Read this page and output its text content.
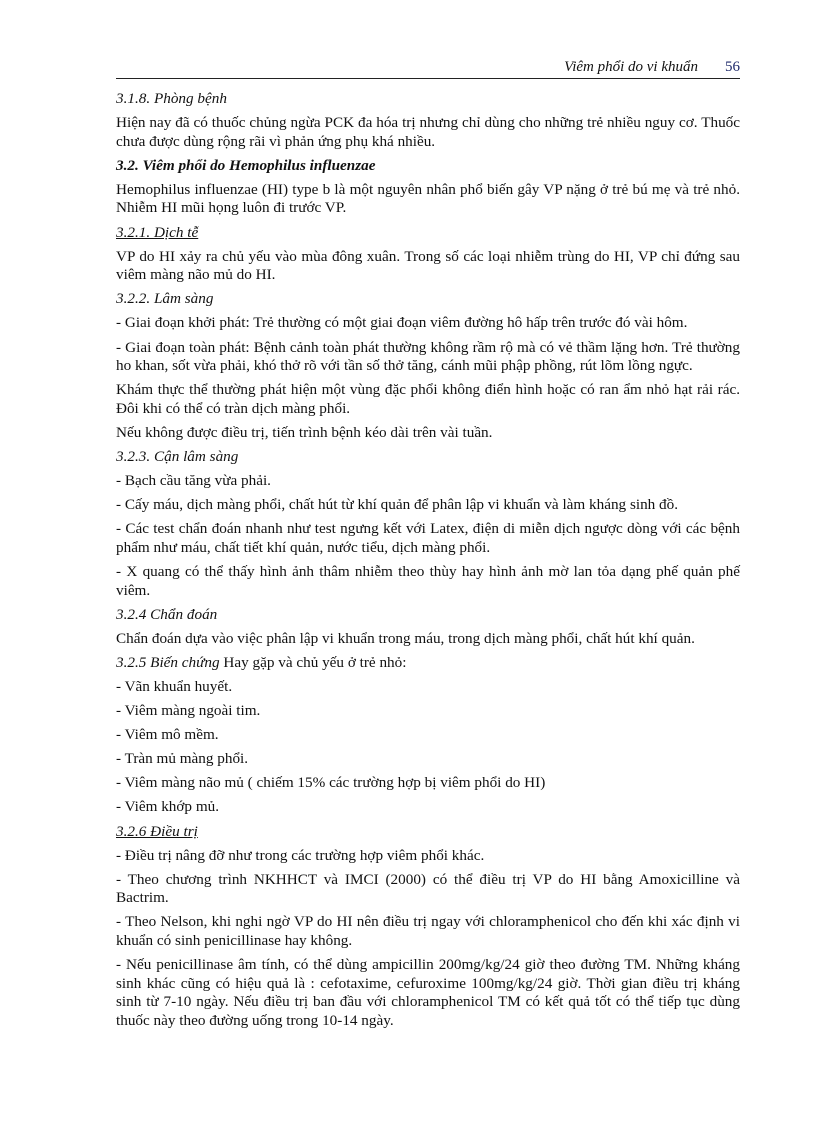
Viêm phổi do vi khuẩn 56

3.1.8. Phòng bệnh

Hiện nay đã có thuốc chủng ngừa PCK đa hóa trị nhưng chỉ dùng cho những trẻ nhiều nguy cơ. Thuốc chưa được dùng rộng rãi vì phản ứng phụ khá nhiều.

3.2. Viêm phổi do Hemophilus influenzae

Hemophilus influenzae (HI) type b là một nguyên nhân phổ biến gây VP nặng ở trẻ bú mẹ và trẻ nhỏ. Nhiễm HI mũi họng luôn đi trước VP.

3.2.1. Dịch tễ

VP do HI xảy ra chủ yếu vào mùa đông xuân. Trong số các loại nhiễm trùng do HI, VP chỉ đứng sau viêm màng não mủ do HI.

3.2.2. Lâm sàng

- Giai đoạn khởi phát: Trẻ thường có một giai đoạn viêm đường hô hấp trên trước đó vài hôm.

- Giai đoạn toàn phát: Bệnh cảnh toàn phát thường không rầm rộ mà có vẻ thầm lặng hơn. Trẻ thường ho khan, sốt vừa phải, khó thở rõ với tần số thở tăng, cánh mũi phập phồng, rút lõm lồng ngực.

Khám thực thể thường phát hiện một vùng đặc phổi không điển hình hoặc có ran ẩm nhỏ hạt rải rác. Đôi khi có thể có tràn dịch màng phổi.

Nếu không được điều trị, tiến trình bệnh kéo dài trên vài tuần.

3.2.3. Cận lâm sàng

- Bạch cầu tăng vừa phải.

- Cấy máu, dịch màng phổi, chất hút từ khí quản để phân lập vi khuẩn và làm kháng sinh đồ.

- Các test chẩn đoán nhanh như test ngưng kết với Latex, điện di miễn dịch ngược dòng với các bệnh phẩm như máu, chất tiết khí quản, nước tiểu, dịch màng phổi.

- X quang có thể thấy hình ảnh thâm nhiễm theo thùy hay hình ảnh mờ lan tỏa dạng phế quản phế viêm.

3.2.4 Chẩn đoán

Chẩn đoán dựa vào việc phân lập vi khuẩn trong máu, trong dịch màng phổi, chất hút khí quản.

3.2.5 Biến chứng Hay gặp và chủ yếu ở trẻ nhỏ:

- Vãn khuẩn huyết.

- Viêm màng ngoài tim.

- Viêm mô mềm.

- Tràn mủ màng phổi.

- Viêm màng não mủ ( chiếm 15% các trường hợp bị viêm phổi do HI)

- Viêm khớp mủ.

3.2.6 Điều trị

- Điều trị nâng đỡ như trong các trường hợp viêm phổi khác.

- Theo chương trình NKHHCT và IMCI (2000) có thể điều trị VP do HI bằng Amoxicilline và Bactrim.

- Theo Nelson, khi nghi ngờ VP do HI nên điều trị ngay với chloramphenicol cho đến khi xác định vi khuẩn có sinh penicillinase hay không.

- Nếu penicillinase âm tính, có thể dùng ampicillin 200mg/kg/24 giờ theo đường TM. Những kháng sinh khác cũng có hiệu quả là : cefotaxime, cefuroxime 100mg/kg/24 giờ. Thời gian điều trị kháng sinh từ 7-10 ngày. Nếu điều trị ban đầu với chloramphenicol TM có kết quả tốt có thể tiếp tục dùng thuốc này theo đường uống trong 10-14 ngày.
